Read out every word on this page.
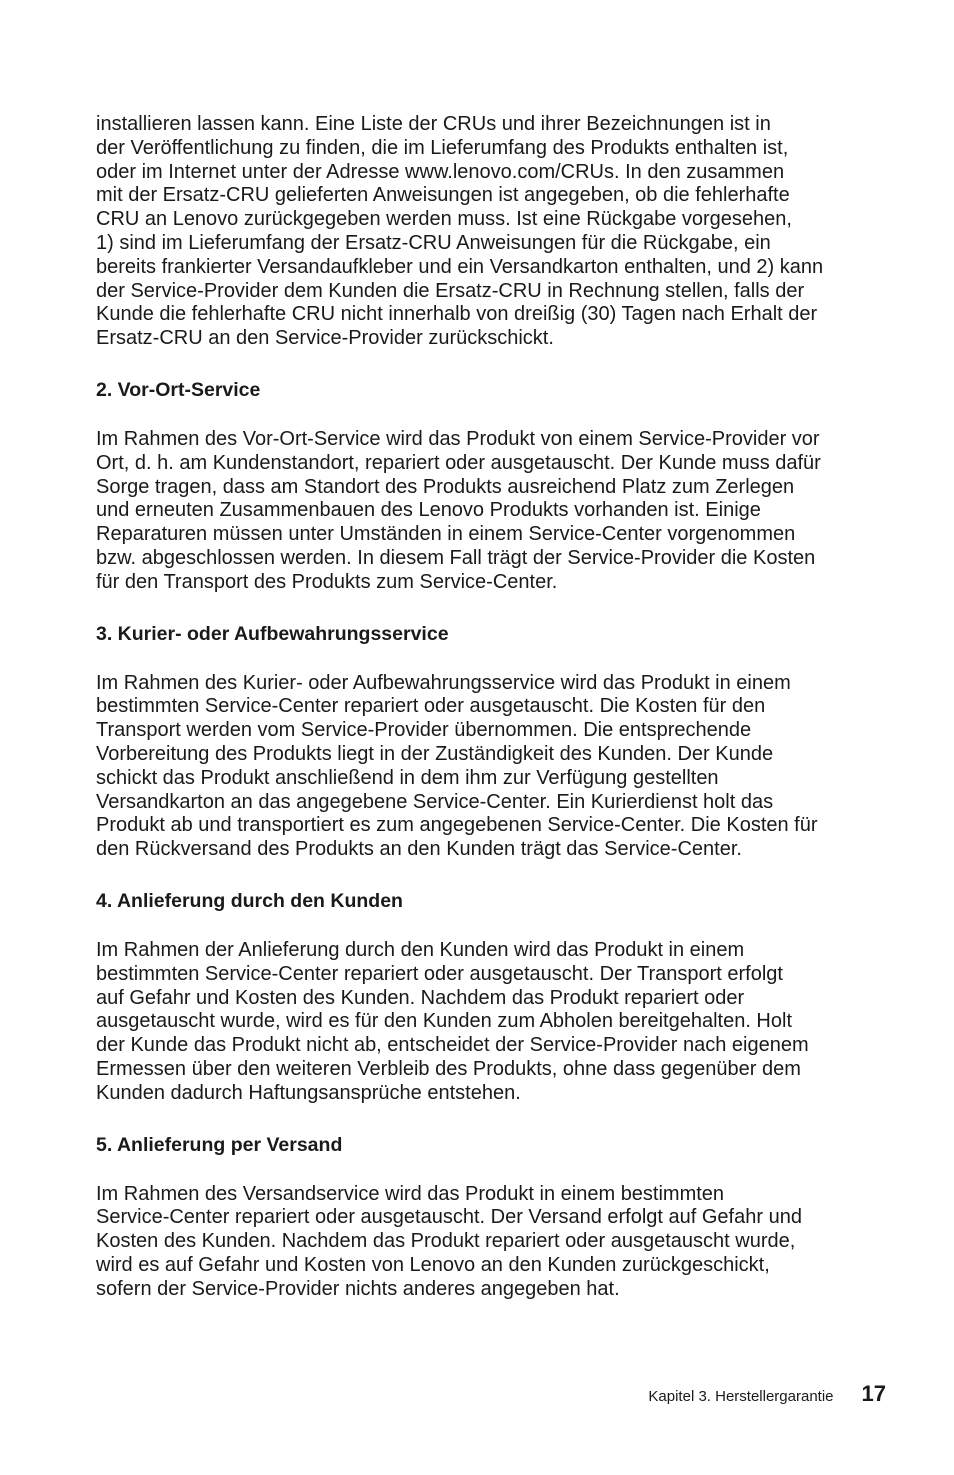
installieren lassen kann. Eine Liste der CRUs und ihrer Bezeichnungen ist in
der Veröffentlichung zu finden, die im Lieferumfang des Produkts enthalten ist,
oder im Internet unter der Adresse www.lenovo.com/CRUs. In den zusammen
mit der Ersatz-CRU gelieferten Anweisungen ist angegeben, ob die fehlerhafte
CRU an Lenovo zurückgegeben werden muss. Ist eine Rückgabe vorgesehen,
1) sind im Lieferumfang der Ersatz-CRU Anweisungen für die Rückgabe, ein
bereits frankierter Versandaufkleber und ein Versandkarton enthalten, und 2) kann
der Service-Provider dem Kunden die Ersatz-CRU in Rechnung stellen, falls der
Kunde die fehlerhafte CRU nicht innerhalb von dreißig (30) Tagen nach Erhalt der
Ersatz-CRU an den Service-Provider zurückschickt.

2. Vor-Ort-Service

Im Rahmen des Vor-Ort-Service wird das Produkt von einem Service-Provider vor
Ort, d. h. am Kundenstandort, repariert oder ausgetauscht. Der Kunde muss dafür
Sorge tragen, dass am Standort des Produkts ausreichend Platz zum Zerlegen
und erneuten Zusammenbauen des Lenovo Produkts vorhanden ist. Einige
Reparaturen müssen unter Umständen in einem Service-Center vorgenommen
bzw. abgeschlossen werden. In diesem Fall trägt der Service-Provider die Kosten
für den Transport des Produkts zum Service-Center.

3. Kurier- oder Aufbewahrungsservice

Im Rahmen des Kurier- oder Aufbewahrungsservice wird das Produkt in einem
bestimmten Service-Center repariert oder ausgetauscht. Die Kosten für den
Transport werden vom Service-Provider übernommen. Die entsprechende
Vorbereitung des Produkts liegt in der Zuständigkeit des Kunden. Der Kunde
schickt das Produkt anschließend in dem ihm zur Verfügung gestellten
Versandkarton an das angegebene Service-Center. Ein Kurierdienst holt das
Produkt ab und transportiert es zum angegebenen Service-Center. Die Kosten für
den Rückversand des Produkts an den Kunden trägt das Service-Center.

4. Anlieferung durch den Kunden

Im Rahmen der Anlieferung durch den Kunden wird das Produkt in einem
bestimmten Service-Center repariert oder ausgetauscht. Der Transport erfolgt
auf Gefahr und Kosten des Kunden. Nachdem das Produkt repariert oder
ausgetauscht wurde, wird es für den Kunden zum Abholen bereitgehalten. Holt
der Kunde das Produkt nicht ab, entscheidet der Service-Provider nach eigenem
Ermessen über den weiteren Verbleib des Produkts, ohne dass gegenüber dem
Kunden dadurch Haftungsansprüche entstehen.

5. Anlieferung per Versand

Im Rahmen des Versandservice wird das Produkt in einem bestimmten
Service-Center repariert oder ausgetauscht. Der Versand erfolgt auf Gefahr und
Kosten des Kunden. Nachdem das Produkt repariert oder ausgetauscht wurde,
wird es auf Gefahr und Kosten von Lenovo an den Kunden zurückgeschickt,
sofern der Service-Provider nichts anderes angegeben hat.

Kapitel 3. Herstellergarantie 17
